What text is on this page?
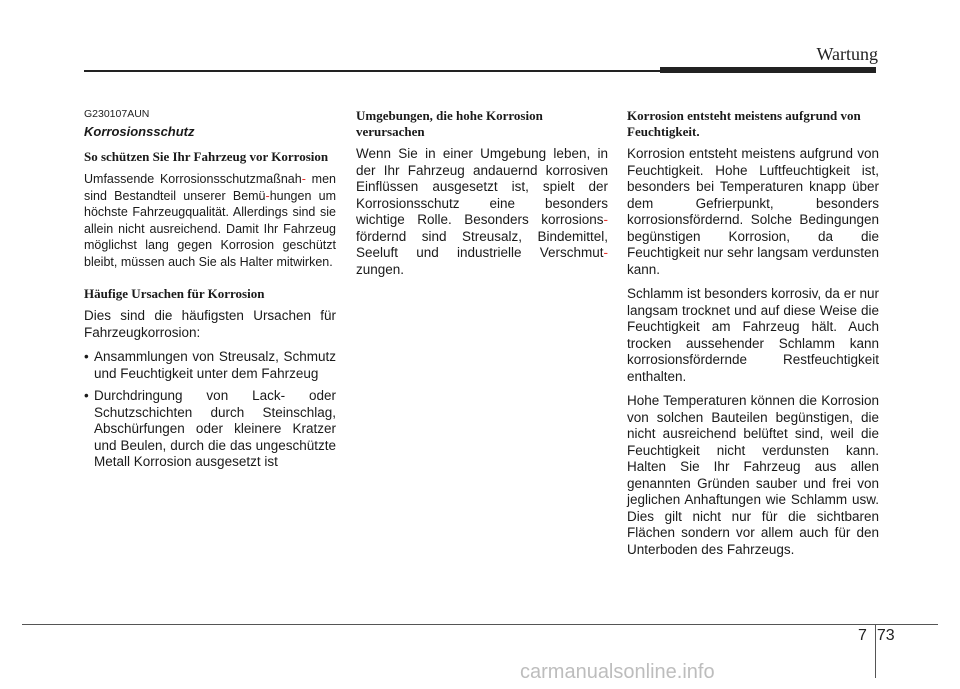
Wartung
G230107AUN
Korrosionsschutz
So schützen Sie Ihr Fahrzeug vor Korrosion

Umfassende Korrosionsschutzmaßnah- men sind Bestandteil unserer Bemü-hungen um höchste Fahrzeugqualität. Allerdings sind sie allein nicht ausreichend. Damit Ihr Fahrzeug möglichst lang gegen Korrosion geschützt bleibt, müssen auch Sie als Halter mitwirken.

Häufige Ursachen für Korrosion

Dies sind die häufigsten Ursachen für Fahrzeugkorrosion:

• Ansammlungen von Streusalz, Schmutz und Feuchtigkeit unter dem Fahrzeug
• Durchdringung von Lack- oder Schutzschichten durch Steinschlag, Abschürfungen oder kleinere Kratzer und Beulen, durch die das ungeschützte Metall Korrosion ausgesetzt ist
Umgebungen, die hohe Korrosion verursachen

Wenn Sie in einer Umgebung leben, in der Ihr Fahrzeug andauernd korrosiven Einflüssen ausgesetzt ist, spielt der Korrosionsschutz eine besonders wichtige Rolle. Besonders korrosions-fördernd sind Streusalz, Bindemittel, Seeluft und industrielle Verschmut-zungen.

Korrosion entsteht meistens aufgrund von Feuchtigkeit.

Korrosion entsteht meistens aufgrund von Feuchtigkeit. Hohe Luftfeuchtigkeit ist, besonders bei Temperaturen knapp über dem Gefrierpunkt, besonders korrosionsfördernd. Solche Bedingungen begünstigen Korrosion, da die Feuchtigkeit nur sehr langsam verdunsten kann.

Schlamm ist besonders korrosiv, da er nur langsam trocknet und auf diese Weise die Feuchtigkeit am Fahrzeug hält. Auch trocken aussehender Schlamm kann korrosionsfördernde Restfeuchtigkeit enthalten.

Hohe Temperaturen können die Korrosion von solchen Bauteilen begünstigen, die nicht ausreichend belüftet sind, weil die Feuchtigkeit nicht verdunsten kann. Halten Sie Ihr Fahrzeug aus allen genannten Gründen sauber und frei von jeglichen Anhaftungen wie Schlamm usw. Dies gilt nicht nur für die sichtbaren Flächen sondern vor allem auch für den Unterboden des Fahrzeugs.

7 73
carmanualsonline.info
